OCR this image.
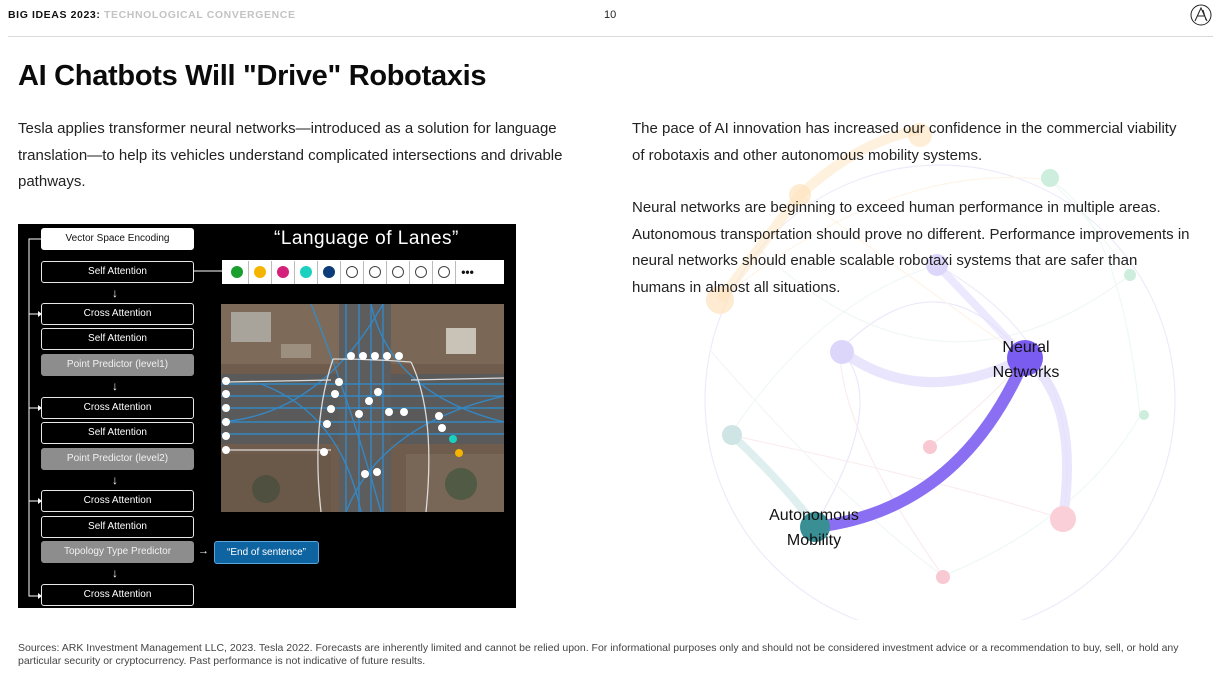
BIG IDEAS 2023: TECHNOLOGICAL CONVERGENCE	10
AI Chatbots Will "Drive" Robotaxis
Tesla applies transformer neural networks—introduced as a solution for language translation—to help its vehicles understand complicated intersections and drivable pathways.

The pace of AI innovation has increased our confidence in the commercial viability of robotaxis and other autonomous mobility systems.

Neural networks are beginning to exceed human performance in multiple areas. Autonomous transportation should prove no different. Performance improvements in neural networks should enable scalable robotaxi systems that are safer than humans in almost all situations.

Neural
Networks
Autonomous
Mobility
“Language of Lanes”
Vector Space Encoding
Self Attention
↓
Cross Attention
Self Attention
Point Predictor (level1)
↓
Cross Attention
Self Attention
Point Predictor (level2)
↓
Cross Attention
Self Attention
Topology Type Predictor
↓
Cross Attention
→	“End of sentence”
•••
Sources: ARK Investment Management LLC, 2023. Tesla 2022. Forecasts are inherently limited and cannot be relied upon. For informational purposes only and should not be considered investment advice or a recommendation to buy, sell, or hold any particular security or cryptocurrency. Past performance is not indicative of future results.
